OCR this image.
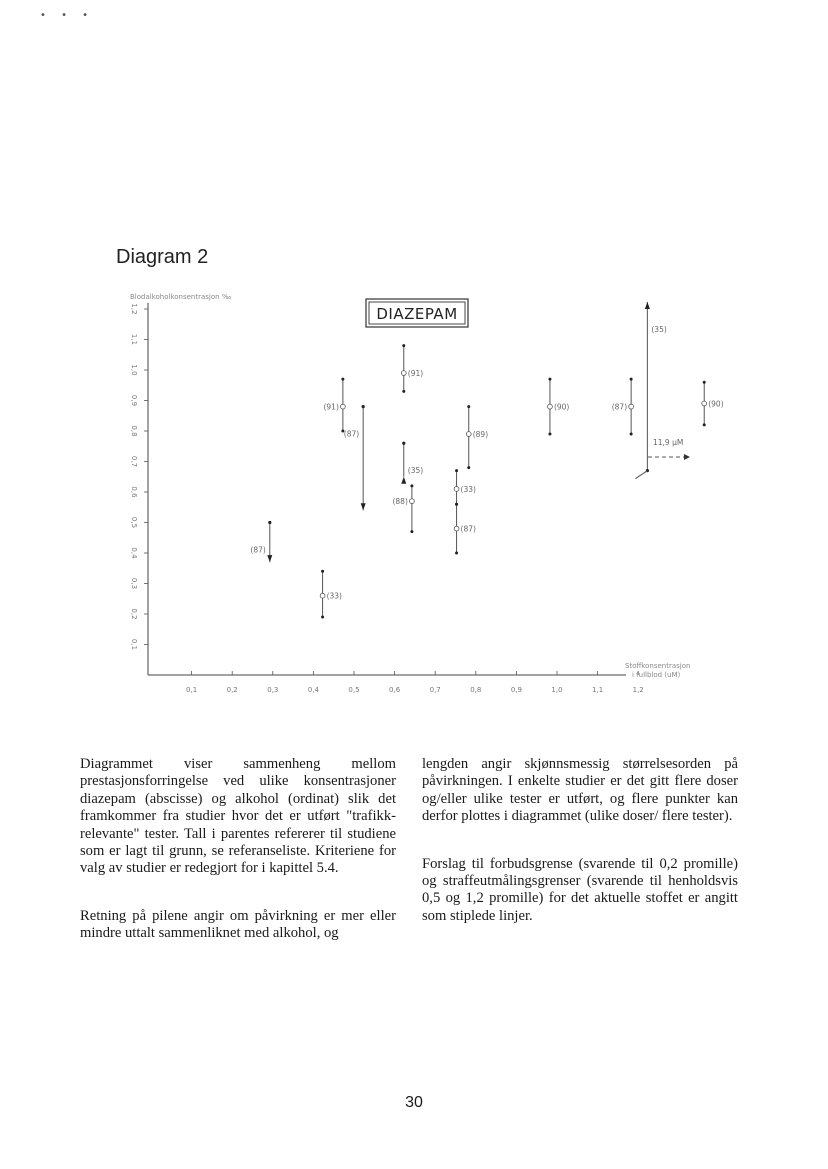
• • •
Diagram 2
0,1	0,2	0,3	0,4	0,5	0,6	0,7	0,8	0,9	1,0	1,1	1,2
0,1
0,2
0,3
0,4
0,5
0,6
0,7
0,8
0,9
1,0
1,1
1,2
(87)
(33)
(91)
(87)
(91)
(35)
(88)
(89)
(33)
(87)
(90)	(87)
(35)
(90)
DIAZEPAM
Blodalkoholkonsentrasjon ‰
Stoffkonsentrasjon i fullblod (uM)
11,9 µM

Diagrammet viser sammenheng mellom prestasjonsforringelse ved ulike konsentrasjoner diazepam (abscisse) og alkohol (ordinat) slik det framkommer fra studier hvor det er utført "trafikk-relevante" tester. Tall i parentes refererer til studiene som er lagt til grunn, se referanseliste. Kriteriene for valg av studier er redegjort for i kapittel 5.4.

Retning på pilene angir om påvirkning er mer eller mindre uttalt sammenliknet med alkohol, og

lengden angir skjønnsmessig størrelsesorden på påvirkningen. I enkelte studier er det gitt flere doser og/eller ulike tester er utført, og flere punkter kan derfor plottes i diagrammet (ulike doser/ flere tester).

Forslag til forbudsgrense (svarende til 0,2 promille) og straffeutmålingsgrenser (svarende til henholdsvis 0,5 og 1,2 promille) for det aktuelle stoffet er angitt som stiplede linjer.

30
